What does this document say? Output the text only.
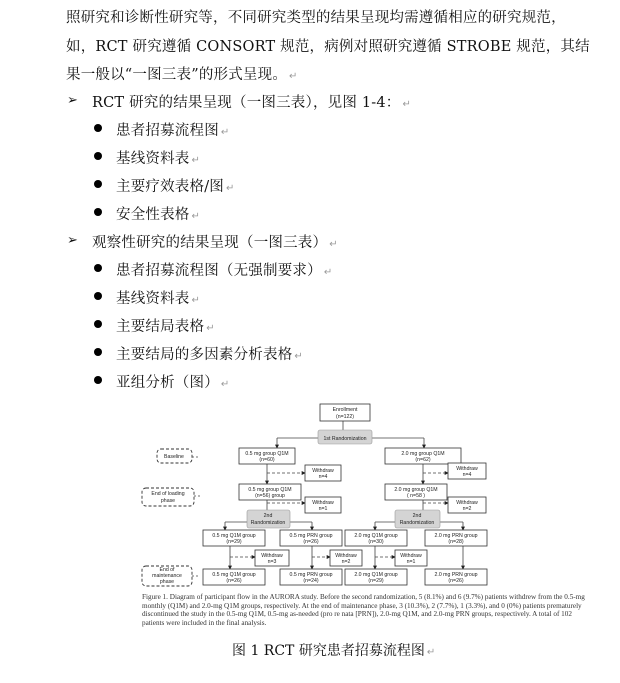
照研究和诊断性研究等，不同研究类型的结果呈现均需遵循相应的研究规范，
如，RCT 研究遵循 CONSORT 规范，病例对照研究遵循 STROBE 规范，其结
果一般以“一图三表”的形式呈现。 ↵
➢ RCT 研究的结果呈现（一图三表），见图 1-4： ↵
患者招募流程图 ↵
基线资料表 ↵
主要疗效表格/图 ↵
安全性表格 ↵
➢ 观察性研究的结果呈现（一图三表） ↵
患者招募流程图（无强制要求） ↵
基线资料表 ↵
主要结局表格 ↵
主要结局的多因素分析表格 ↵
亚组分析（图） ↵
Enrollment
(n=122)
1st Randomization
0.5 mg group Q1M
(n=60)
2.0 mg group Q1M
(n=62)
Withdraw
n=4
Withdraw
n=4
0.5 mg group Q1M
(n=56) group
2.0 mg group Q1M
( n=58 )
Withdraw
n=1
Withdraw
n=2
2nd
Randomization
2nd
Randomization
0.5 mg Q1M group
(n=29)
0.5 mg PRN group
(n=26)
2.0 mg Q1M group
(n=30)
2.0 mg PRN group
(n=28)
Withdraw
n=3
Withdraw
n=2
Withdraw
n=1
0.5 mg Q1M group
(n=26)
0.5 mg PRN group
(n=24)
2.0 mg Q1M group
(n=29)
2.0 mg PRN group
(n=26)
Baseline
End of loading
phase
End of
maintenance
phase
Figure 1. Diagram of participant flow in the AURORA study. Before the second randomization, 5 (8.1%) and 6 (9.7%) patients withdrew from the 0.5-mg
monthly (Q1M) and 2.0-mg Q1M groups, respectively. At the end of maintenance phase, 3 (10.3%), 2 (7.7%), 1 (3.3%), and 0 (0%) patients prematurely
discontinued the study in the 0.5-mg Q1M, 0.5-mg as-needed (pro re nata [PRN]), 2.0-mg Q1M, and 2.0-mg PRN groups, respectively. A total of 102
patients were included in the final analysis.
图 1 RCT 研究患者招募流程图 ↵
